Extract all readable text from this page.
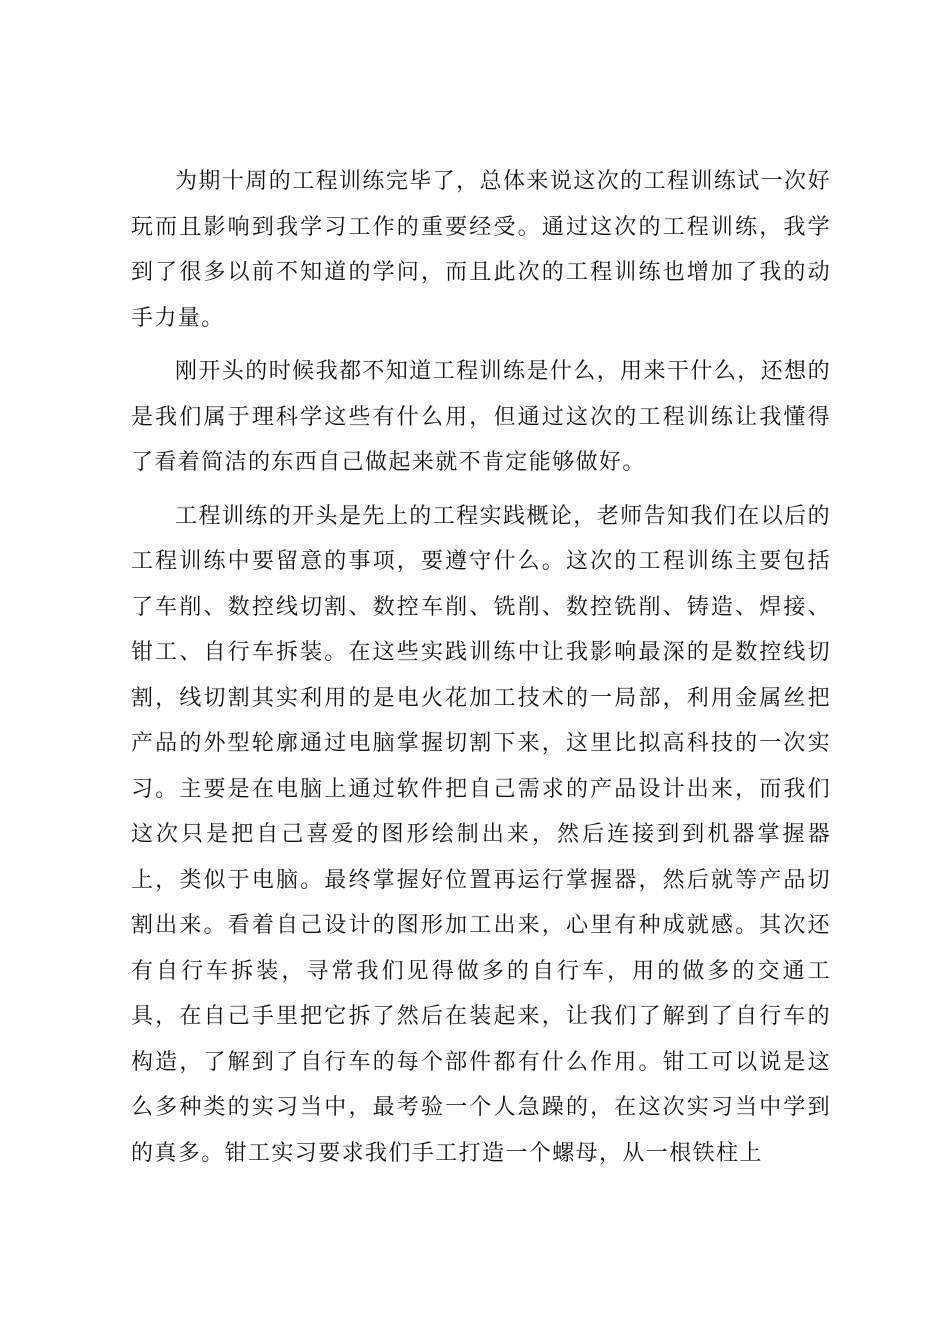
为期十周的工程训练完毕了，总体来说这次的工程训练试一次好玩而且影响到我学习工作的重要经受。通过这次的工程训练，我学到了很多以前不知道的学问，而且此次的工程训练也增加了我的动手力量。

刚开头的时候我都不知道工程训练是什么，用来干什么，还想的是我们属于理科学这些有什么用，但通过这次的工程训练让我懂得了看着简洁的东西自己做起来就不肯定能够做好。

工程训练的开头是先上的工程实践概论，老师告知我们在以后的工程训练中要留意的事项，要遵守什么。这次的工程训练主要包括了车削、数控线切割、数控车削、铣削、数控铣削、铸造、焊接、钳工、自行车拆装。在这些实践训练中让我影响最深的是数控线切割，线切割其实利用的是电火花加工技术的一局部，利用金属丝把产品的外型轮廓通过电脑掌握切割下来，这里比拟高科技的一次实习。主要是在电脑上通过软件把自己需求的产品设计出来，而我们这次只是把自己喜爱的图形绘制出来，然后连接到到机器掌握器上，类似于电脑。最终掌握好位置再运行掌握器，然后就等产品切割出来。看着自己设计的图形加工出来，心里有种成就感。其次还有自行车拆装，寻常我们见得做多的自行车，用的做多的交通工具，在自己手里把它拆了然后在装起来，让我们了解到了自行车的构造，了解到了自行车的每个部件都有什么作用。钳工可以说是这么多种类的实习当中，最考验一个人急躁的，在这次实习当中学到的真多。钳工实习要求我们手工打造一个螺母，从一根铁柱上
